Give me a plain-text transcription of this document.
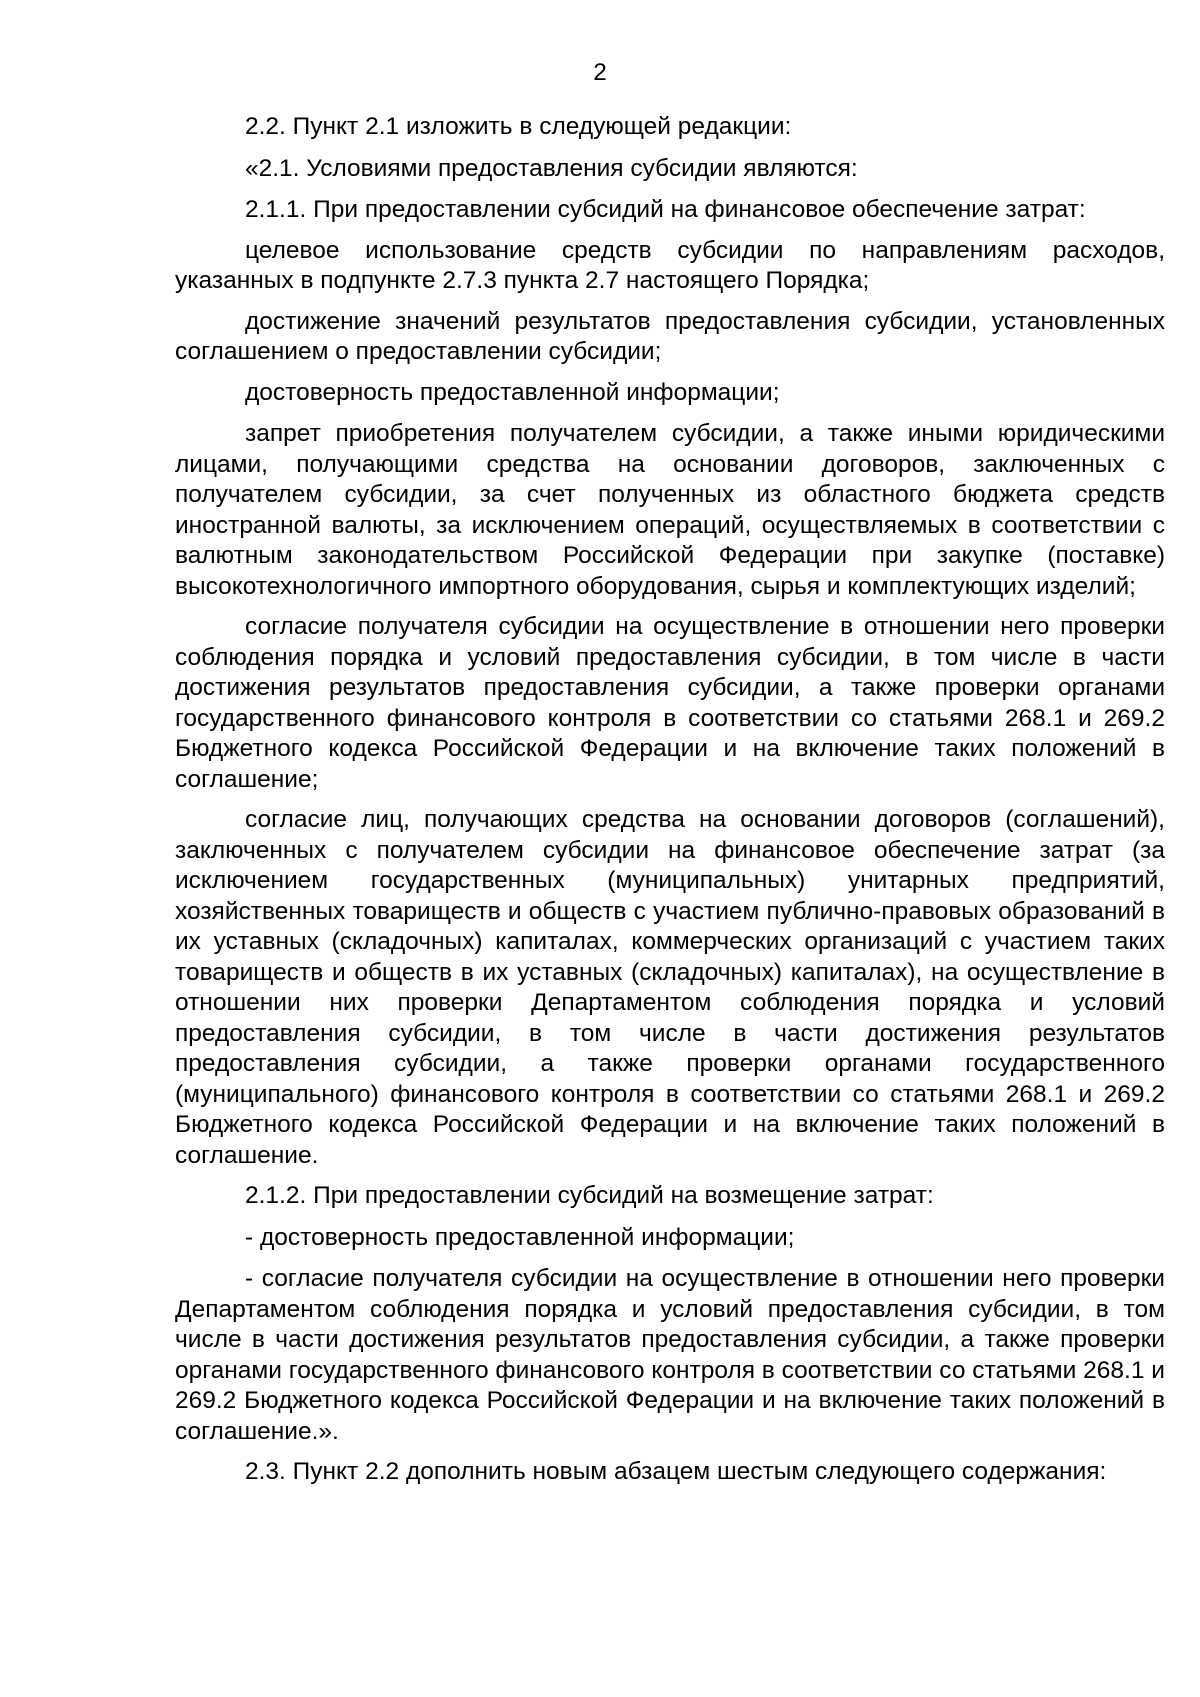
2

2.2. Пункт 2.1 изложить в следующей редакции:

«2.1. Условиями предоставления субсидии являются:

2.1.1. При предоставлении субсидий на финансовое обеспечение затрат:

целевое использование средств субсидии по направлениям расходов, указанных в подпункте 2.7.3 пункта 2.7 настоящего Порядка;

достижение значений результатов предоставления субсидии, установленных соглашением о предоставлении субсидии;

достоверность предоставленной информации;

запрет приобретения получателем субсидии, а также иными юридическими лицами, получающими средства на основании договоров, заключенных с получателем субсидии, за счет полученных из областного бюджета средств иностранной валюты, за исключением операций, осуществляемых в соответствии с валютным законодательством Российской Федерации при закупке (поставке) высокотехнологичного импортного оборудования, сырья и комплектующих изделий;

согласие получателя субсидии на осуществление в отношении него проверки соблюдения порядка и условий предоставления субсидии, в том числе в части достижения результатов предоставления субсидии, а также проверки органами государственного финансового контроля в соответствии со статьями 268.1 и 269.2 Бюджетного кодекса Российской Федерации и на включение таких положений в соглашение;

согласие лиц, получающих средства на основании договоров (соглашений), заключенных с получателем субсидии на финансовое обеспечение затрат (за исключением государственных (муниципальных) унитарных предприятий, хозяйственных товариществ и обществ с участием публично-правовых образований в их уставных (складочных) капиталах, коммерческих организаций с участием таких товариществ и обществ в их уставных (складочных) капиталах), на осуществление в отношении них проверки Департаментом соблюдения порядка и условий предоставления субсидии, в том числе в части достижения результатов предоставления субсидии, а также проверки органами государственного (муниципального) финансового контроля в соответствии со статьями 268.1 и 269.2 Бюджетного кодекса Российской Федерации и на включение таких положений в соглашение.

2.1.2. При предоставлении субсидий на возмещение затрат:

- достоверность предоставленной информации;

- согласие получателя субсидии на осуществление в отношении него проверки Департаментом соблюдения порядка и условий предоставления субсидии, в том числе в части достижения результатов предоставления субсидии, а также проверки органами государственного финансового контроля в соответствии со статьями 268.1 и 269.2 Бюджетного кодекса Российской Федерации и на включение таких положений в соглашение.».

2.3. Пункт 2.2 дополнить новым абзацем шестым следующего содержания:
